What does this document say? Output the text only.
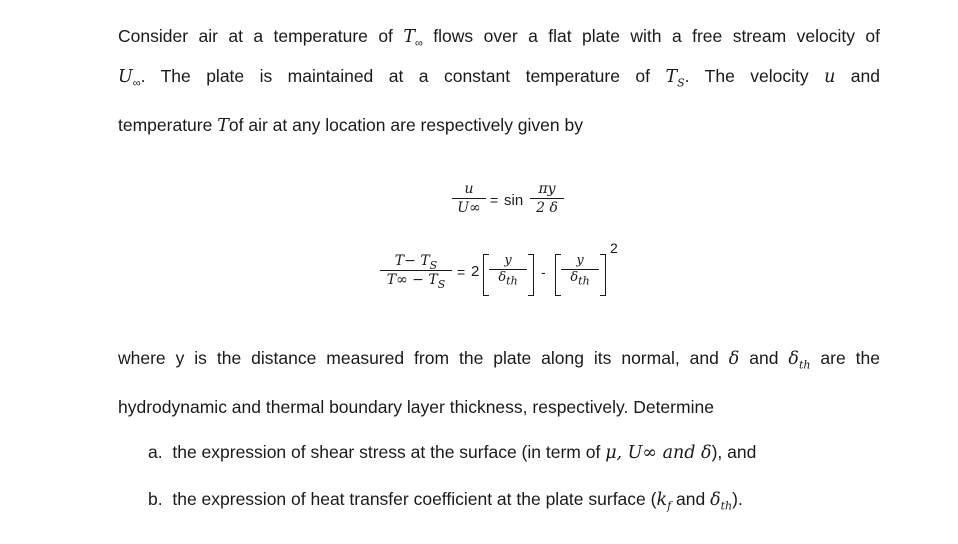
Consider air at a temperature of $T_\infty$ flows over a flat plate with a free stream velocity of
$U_\infty$. The plate is maintained at a constant temperature of $T_S$. The velocity u and
temperature Tof air at any location are respectively given by
u
U∞ = sin
πy
2 δ
$T- T_S$
$T\infty - T_S$
= 2
y
$\delta_{th}$
-
y
$\delta_{th}$
2
where y is the distance measured from the plate along its normal, and δ and $\delta_{th}$ are the
hydrodynamic and thermal boundary layer thickness, respectively. Determine
a. the expression of shear stress at the surface (in term of μ, U∞ and δ), and
b. the expression of heat transfer coefficient at the plate surface ($k_f$ and $\delta_{th}$).
